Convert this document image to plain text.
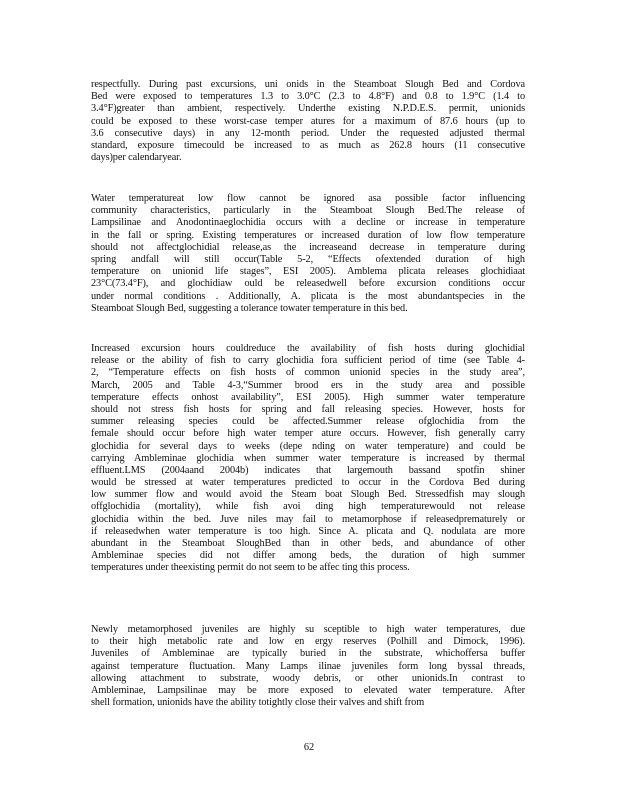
respectfully. During past excursions, uni onids in the Steamboat Slough Bed and Cordova
Bed were exposed to temperatures 1.3 to 3.0°C (2.3 to 4.8°F) and 0.8 to 1.9°C (1.4 to
3.4°F)greater than ambient, respectively. Underthe existing N.P.D.E.S. permit, unionids
could be exposed to these worst-case temper atures for a maximum of 87.6 hours (up to
3.6 consecutive days) in any 12-month period. Under the requested adjusted thermal
standard, exposure timecould be increased to as much as 262.8 hours (11 consecutive
days)per calendaryear.
Water temperatureat low flow cannot be ignored asa possible factor influencing
community characteristics, particularly in the Steamboat Slough Bed.The release of
Lampsilinae and Anodontinaeglochidia occurs with a decline or increase in temperature
in the fall or spring. Existing temperatures or increased duration of low flow temperature
should not affectglochidial release,as the increaseand decrease in temperature during
spring andfall will still occur(Table 5-2, “Effects ofextended duration of high
temperature on unionid life stages”, ESI 2005). Amblema plicata releases glochidiaat
23°C(73.4°F), and glochidiaw ould be releasedwell before excursion conditions occur
under normal conditions . Additionally, A. plicata is the most abundantspecies in the
Steamboat Slough Bed, suggesting a tolerance towater temperature in this bed.
Increased excursion hours couldreduce the availability of fish hosts during glochidial
release or the ability of fish to carry glochidia fora sufficient period of time (see Table 4-
2, “Temperature effects on fish hosts of common unionid species in the study area”,
March, 2005 and Table 4-3,“Summer brood ers in the study area and possible
temperature effects onhost availability”, ESI 2005). High summer water temperature
should not stress fish hosts for spring and fall releasing species. However, hosts for
summer releasing species could be affected.Summer release ofglochidia from the
female should occur before high water temper ature occurs. However, fish generally carry
glochidia for several days to weeks (depe nding on water temperature) and could be
carrying Ambleminae glochidia when summer water temperature is increased by thermal
effluent.LMS (2004aand 2004b) indicates that largemouth bassand spotfin shiner
would be stressed at water temperatures predicted to occur in the Cordova Bed during
low summer flow and would avoid the Steam boat Slough Bed. Stressedfish may slough
offglochidia (mortality), while fish avoi ding high temperaturewould not release
glochidia within the bed. Juve niles may fail to metamorphose if releasedprematurely or
if releasedwhen water temperature is too high. Since A. plicata and Q. nodulata are more
abundant in the Steamboat SloughBed than in other beds, and abundance of other
Ambleminae species did not differ among beds, the duration of high summer
temperatures under theexisting permit do not seem to be affec ting this process.
Newly metamorphosed juveniles are highly su sceptible to high water temperatures, due
to their high metabolic rate and low en ergy reserves (Polhill and Dimock, 1996).
Juveniles of Ambleminae are typically buried in the substrate, whichoffersa buffer
against temperature fluctuation. Many Lamps ilinae juveniles form long byssal threads,
allowing attachment to substrate, woody debris, or other unionids.In contrast to
Ambleminae, Lampsilinae may be more exposed to elevated water temperature. After
shell formation, unionids have the ability totightly close their valves and shift from
62
